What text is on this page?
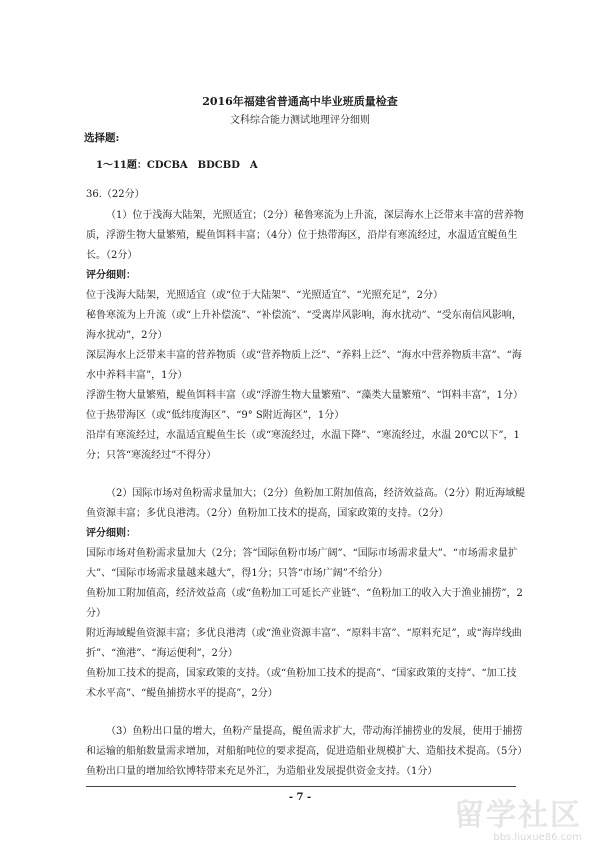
2016年福建省普通高中毕业班质量检查
文科综合能力测试地理评分细则
选择题:
1～11题：CDCBA　BDCBD　A

36.（22分）

（1）位于浅海大陆架，光照适宜；（2分）秘鲁寒流为上升流，深层海水上泛带来丰富的营养物质，浮游生物大量繁殖，鳀鱼饵料丰富；（4分）位于热带海区，沿岸有寒流经过，水温适宜鳀鱼生长。（2分）

评分细则：

位于浅海大陆架，光照适宜（或“位于大陆架”、“光照适宜”、“光照充足”，2分）

秘鲁寒流为上升流（或“上升补偿流”、“补偿流”、“受离岸风影响，海水扰动”、“受东南信风影响，海水扰动”，2分）

深层海水上泛带来丰富的营养物质（或“营养物质上泛”、“养料上泛”、“海水中营养物质丰富”、“海水中养料丰富”，1分）

浮游生物大量繁殖，鳀鱼饵料丰富（或“浮游生物大量繁殖”、“藻类大量繁殖”、“饵料丰富”，1分）

位于热带海区（或“低纬度海区”、“9° S附近海区”，1分）

沿岸有寒流经过，水温适宜鳀鱼生长（或“寒流经过，水温下降”、“寒流经过，水温 20℃以下”，1分；只答“寒流经过”不得分）

（2）国际市场对鱼粉需求量加大；（2分）鱼粉加工附加值高，经济效益高。（2分）附近海域鳀鱼资源丰富；多优良港湾。（2分）鱼粉加工技术的提高，国家政策的支持。（2分）

评分细则：

国际市场对鱼粉需求量加大（2分；答“国际鱼粉市场广阔”、“国际市场需求量大”、“市场需求量扩大”、“国际市场需求量越来越大”，得1分；只答“市场广阔”不给分）

鱼粉加工附加值高，经济效益高（或“鱼粉加工可延长产业链”、“鱼粉加工的收入大于渔业捕捞”，2分）

附近海域鳀鱼资源丰富；多优良港湾（或“渔业资源丰富”、“原料丰富”、“原料充足”，或“海岸线曲折”、“渔港”、“海运便利”，2分）

鱼粉加工技术的提高，国家政策的支持。（或“鱼粉加工技术的提高”、“国家政策的支持”、“加工技术水平高”、“鳀鱼捕捞水平的提高”，2分）

（3）鱼粉出口量的增大，鱼粉产量提高，鳀鱼需求扩大，带动海洋捕捞业的发展，使用于捕捞和运输的船舶数量需求增加，对船舶吨位的要求提高，促进造船业规模扩大、造船技术提高。（5分）鱼粉出口量的增加给钦博特带来充足外汇，为造船业发展提供资金支持。（1分）

- 7 -
留学社区
bbs.liuxue86.com
